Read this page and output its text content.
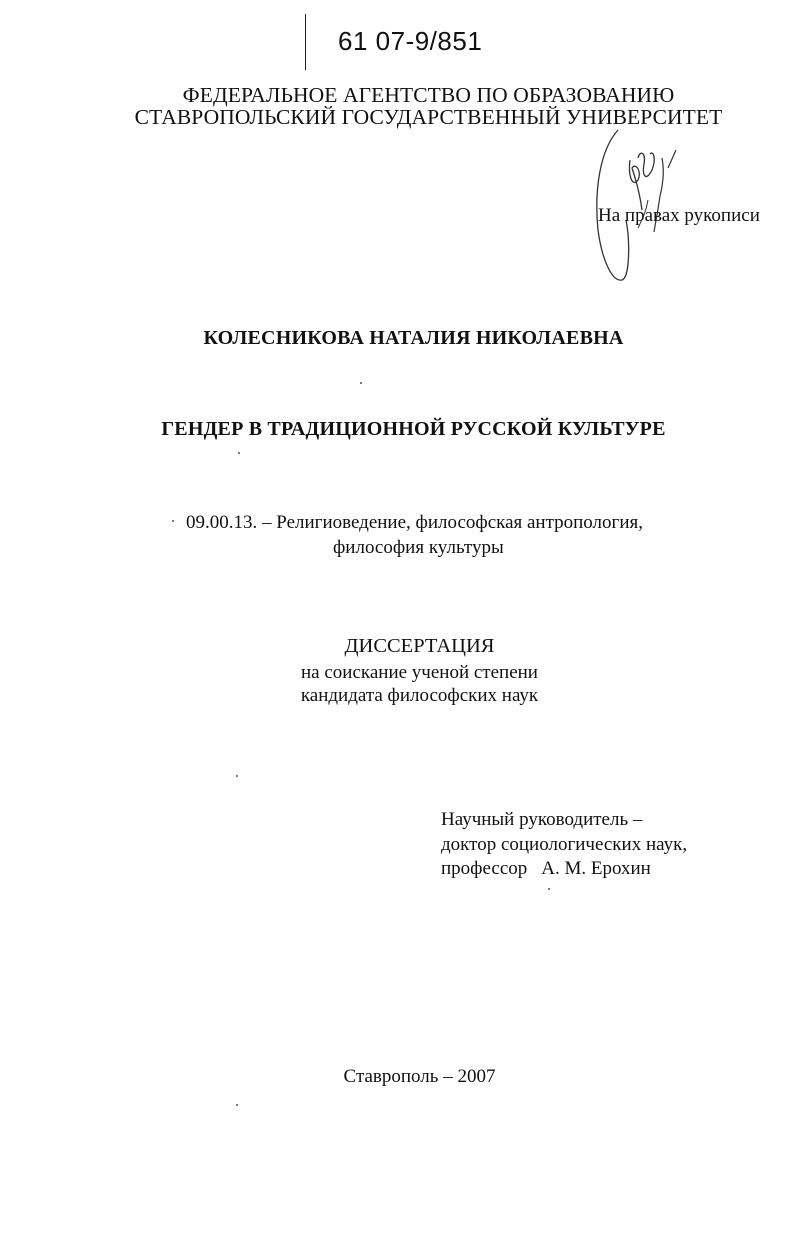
61 07-9/851
ФЕДЕРАЛЬНОЕ АГЕНТСТВО ПО ОБРАЗОВАНИЮ
СТАВРОПОЛЬСКИЙ ГОСУДАРСТВЕННЫЙ УНИВЕРСИТЕТ
На правах рукописи
КОЛЕСНИКОВА НАТАЛИЯ НИКОЛАЕВНА
ГЕНДЕР В ТРАДИЦИОННОЙ РУССКОЙ КУЛЬТУРЕ
09.00.13. – Религиоведение, философская антропология,
философия культуры
ДИССЕРТАЦИЯ
на соискание ученой степени
кандидата философских наук
Научный руководитель –
доктор социологических наук,
профессор А. М. Ерохин
Ставрополь – 2007
